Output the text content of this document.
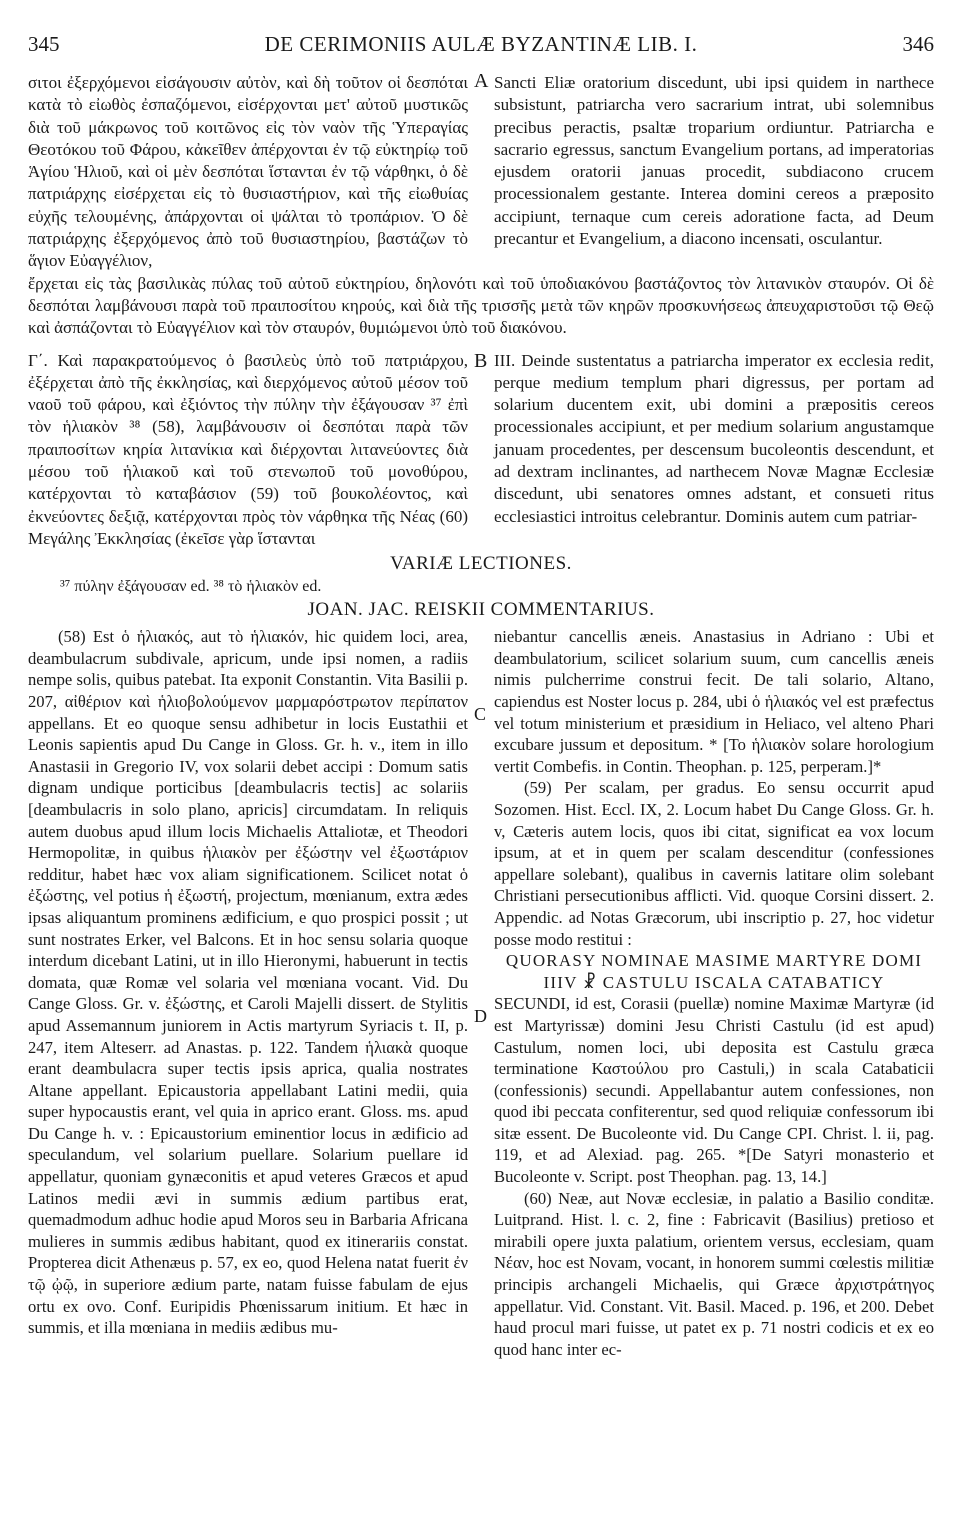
345	DE CERIMONIIS AULÆ BYZANTINÆ LIB. I.	346

σιτοι ἐξερχόμενοι εἰσάγουσιν αὐτὸν, καὶ δὴ τοῦτον οἱ δεσπόται κατὰ τὸ εἰωθὸς ἐσπαζόμενοι, εἰσέρχονται μετ' αὐτοῦ μυστικῶς διὰ τοῦ μάκρωνος τοῦ κοιτῶνος εἰς τὸν ναὸν τῆς Ὑπεραγίας Θεοτόκου τοῦ Φάρου, κἀκεῖθεν ἀπέρχονται ἐν τῷ εὐκτηρίῳ τοῦ Ἁγίου Ἡλιοῦ, καὶ οἱ μὲν δεσπόται ἵστανται ἐν τῷ νάρθηκι, ὁ δὲ πατριάρχης εἰσέρχεται εἰς τὸ θυσιαστήριον, καὶ τῆς εἰωθυίας εὐχῆς τελουμένης, ἀπάρχονται οἱ ψάλται τὸ τροπάριον. Ὁ δὲ πατριάρχης ἐξερχόμενος ἀπὸ τοῦ θυσιαστηρίου, βαστάζων τὸ ἅγιον Εὐαγγέλιον,

A Sancti Eliæ oratorium discedunt, ubi ipsi quidem in narthece subsistunt, patriarcha vero sacrarium intrat, ubi solemnibus precibus peractis, psaltæ troparium ordiuntur. Patriarcha e sacrario egressus, sanctum Evangelium portans, ad imperatorias ejusdem oratorii januas procedit, subdiacono crucem processionalem gestante. Interea domini cereos a præposito accipiunt, ternaque cum cereis adoratione facta, ad Deum precantur et Evangelium, a diacono incensati, osculantur.

ἔρχεται εἰς τὰς βασιλικὰς πύλας τοῦ αὐτοῦ εὐκτηρίου, δηλονότι καὶ τοῦ ὑποδιακόνου βαστάζοντος τὸν λιτανικὸν σταυρόν. Οἱ δὲ δεσπόται λαμβάνουσι παρὰ τοῦ πραιποσίτου κηρούς, καὶ διὰ τῆς τρισσῆς μετὰ τῶν κηρῶν προσκυνήσεως ἀπευχαριστοῦσι τῷ Θεῷ καὶ ἀσπάζονται τὸ Εὐαγγέλιον καὶ τὸν σταυρόν, θυμιώμενοι ὑπὸ τοῦ διακόνου.

Γ΄. Καὶ παρακρατούμενος ὁ βασιλεὺς ὑπὸ τοῦ πατριάρχου, ἐξέρχεται ἀπὸ τῆς ἐκκλησίας, καὶ διερχόμενος αὐτοῦ μέσον τοῦ ναοῦ τοῦ φάρου, καὶ ἐξιόντος τὴν πύλην τὴν ἐξάγουσαν ³⁷ ἐπὶ τὸν ἡλιακὸν ³⁸ (58), λαμβάνουσιν οἱ δεσπόται παρὰ τῶν πραιποσίτων κηρία λιτανίκια καὶ διέρχονται λιτανεύοντες διὰ μέσου τοῦ ἡλιακοῦ καὶ τοῦ στενωποῦ τοῦ μονοθύρου, κατέρχονται τὸ καταβάσιον (59) τοῦ βουκολέοντος, καὶ ἐκνεύοντες δεξιᾷ, κατέρχονται πρὸς τὸν νάρθηκα τῆς Νέας (60) Μεγάλης Ἐκκλησίας (ἐκεῖσε γὰρ ἵστανται

B III. Deinde sustentatus a patriarcha imperator ex ecclesia redit, perque medium templum phari digressus, per portam ad solarium ducentem exit, ubi domini a præpositis cereos processionales accipiunt, et per medium solarium angustamque januam procedentes, per descensum bucoleontis descendunt, et ad dextram inclinantes, ad narthecem Novæ Magnæ Ecclesiæ discedunt, ubi senatores omnes adstant, et consueti ritus ecclesiastici introitus celebrantur. Dominis autem cum patriar-

VARIÆ LECTIONES.
³⁷ πύλην ἐξάγουσαν ed. ³⁸ τὸ ἡλιακὸν ed.
JOAN. JAC. REISKII COMMENTARIUS.

(58) Est ὁ ἡλιακός, aut τὸ ἡλιακόν, hic quidem loci, area, deambulacrum subdivale, apricum, unde ipsi nomen, a radiis nempe solis, quibus patebat. Ita exponit Constantin. Vita Basilii p. 207, αἰθέριον καὶ ἡλιοβολούμενον μαρμαρόστρωτον περίπατον appellans. Et eo quoque sensu adhibetur in locis Eustathii et Leonis sapientis apud Du Cange in Gloss. Gr. h. v., item in illo Anastasii in Gregorio IV, vox solarii debet accipi : Domum satis dignam undique porticibus [deambulacris tectis] ac solariis [deambulacris in solo plano, apricis] circumdatam. In reliquis autem duobus apud illum locis Michaelis Attaliotæ, et Theodori Hermopolitæ, in quibus ἡλιακὸν per ἐξώστην vel ἐξωστάριον redditur, habet hæc vox aliam significationem. Scilicet notat ὁ ἐξώστης, vel potius ἡ ἐξωστή, projectum, mœnianum, extra ædes ipsas aliquantum prominens ædificium, e quo prospici possit ; ut sunt nostrates Erker, vel Balcons. Et in hoc sensu solaria quoque interdum dicebant Latini, ut in illo Hieronymi, habuerunt in tectis domata, quæ Romæ vel solaria vel mœniana vocant. Vid. Du Cange Gloss. Gr. v. ἐξώστης, et Caroli Majelli dissert. de Stylitis apud Assemannum juniorem in Actis martyrum Syriacis t. II, p. 247, item Alteserr. ad Anastas. p. 122. Tandem ἡλιακὰ quoque erant deambulacra super tectis ipsis aprica, qualia nostrates Altane appellant. Epicaustoria appellabant Latini medii, quia super hypocaustis erant, vel quia in aprico erant. Gloss. ms. apud Du Cange h. v. : Epicaustorium eminentior locus in ædificio ad speculandum, vel solarium puellare. Solarium puellare id appellatur, quoniam gynæconitis et apud veteres Græcos et apud Latinos medii ævi in summis ædium partibus erat, quemadmodum adhuc hodie apud Moros seu in Barbaria Africana mulieres in summis ædibus habitant, quod ex itinerariis constat. Propterea dicit Athenæus p. 57, ex eo, quod Helena natat fuerit ἐν τῷ ᾠῷ, in superiore ædium parte, natam fuisse fabulam de ejus ortu ex ovo. Conf. Euripidis Phœnissarum initium. Et hæc in summis, et illa mœniana in mediis ædibus mu-

C
D

niebantur cancellis æneis. Anastasius in Adriano : Ubi et deambulatorium, scilicet solarium suum, cum cancellis æneis nimis pulcherrime construi fecit. De tali solario, Altano, capiendus est Noster locus p. 284, ubi ὁ ἡλιακός vel est præfectus vel totum ministerium et præsidium in Heliaco, vel alteno Phari excubare jussum et depositum. * [To ἡλιακὸν solare horologium vertit Combefis. in Contin. Theophan. p. 125, perperam.]*

(59) Per scalam, per gradus. Eo sensu occurrit apud Sozomen. Hist. Eccl. IX, 2. Locum habet Du Cange Gloss. Gr. h. v, Cæteris autem locis, quos ibi citat, significat ea vox locum ipsum, at et in quem per scalam descenditur (confessiones appellare solebant), qualibus in cavernis latitare olim solebant Christiani persecutionibus afflicti. Vid. quoque Corsini dissert. 2. Appendic. ad Notas Græcorum, ubi inscriptio p. 27, hoc videtur posse modo restitui :

QUORASY NOMINAE MASIME MARTYRE DOMI IIIV ☧ CASTULU ISCALA CATABATICY

SECUNDI, id est, Corasii (puellæ) nomine Maximæ Martyræ (id est Martyrissæ) domini Jesu Christi Castulu (id est apud) Castulum, nomen loci, ubi deposita est Castulu græca terminatione Καστούλου pro Castuli,) in scala Catabaticii (confessionis) secundi. Appellabantur autem confessiones, non quod ibi peccata confiterentur, sed quod reliquiæ confessorum ibi sitæ essent. De Bucoleonte vid. Du Cange CPI. Christ. l. ii, pag. 119, et ad Alexiad. pag. 265. *[De Satyri monasterio et Bucoleonte v. Script. post Theophan. pag. 13, 14.]

(60) Neæ, aut Novæ ecclesiæ, in palatio a Basilio conditæ. Luitprand. Hist. l. c. 2, fine : Fabricavit (Basilius) pretioso et mirabili opere juxta palatium, orientem versus, ecclesiam, quam Νέαν, hoc est Novam, vocant, in honorem summi cœlestis militiæ principis archangeli Michaelis, qui Græce ἀρχιστράτηγος appellatur. Vid. Constant. Vit. Basil. Maced. p. 196, et 200. Debet haud procul mari fuisse, ut patet ex p. 71 nostri codicis et ex eo quod hanc inter ec-
